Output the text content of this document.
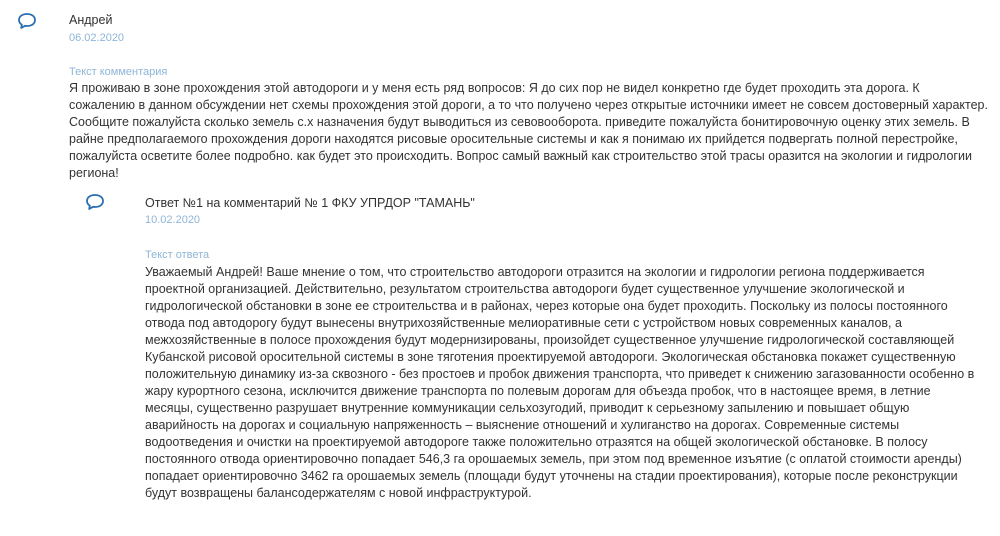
Андрей
06.02.2020
Текст комментария

Я проживаю в зоне прохождения этой автодороги и у меня есть ряд вопросов: Я до сих пор не видел конкретно где будет проходить эта дорога. К сожалению в данном обсуждении нет схемы прохождения этой дороги, а то что получено через открытые источники имеет не совсем достоверный характер. Сообщите пожалуйста сколько земель с.х назначения будут выводиться из севовооборота. приведите пожалуйста бонитировочную оценку этих земель. В райне предполагаемого прохождения дороги находятся рисовые оросительные системы и как я понимаю их прийдется подвергать полной перестройке, пожалуйста осветите более подробно. как будет это происходить. Вопрос самый важный как строительство этой трасы оразится на экологии и гидрологии региона!

Ответ №1 на комментарий № 1 ФКУ УПРДОР "ТАМАНЬ"
10.02.2020
Текст ответа

Уважаемый Андрей! Ваше мнение о том, что строительство автодороги отразится на экологии и гидрологии региона поддерживается проектной организацией. Действительно, результатом строительства автодороги будет существенное улучшение экологической и гидрологической обстановки в зоне ее строительства и в районах, через которые она будет проходить. Поскольку из полосы постоянного отвода под автодорогу будут вынесены внутрихозяйственные мелиоративные сети с устройством новых современных каналов, а межхозяйственные в полосе прохождения будут модернизированы, произойдет существенное улучшение гидрологической составляющей Кубанской рисовой оросительной системы в зоне тяготения проектируемой автодороги. Экологическая обстановка покажет существенную положительную динамику из-за сквозного - без простоев и пробок движения транспорта, что приведет к снижению загазованности особенно в жару курортного сезона, исключится движение транспорта по полевым дорогам для объезда пробок, что в настоящее время, в летние месяцы, существенно разрушает внутренние коммуникации сельхозугодий, приводит к серьезному запылению и повышает общую аварийность на дорогах и социальную напряженность – выяснение отношений и хулиганство на дорогах. Современные системы водоотведения и очистки на проектируемой автодороге также положительно отразятся на общей экологической обстановке. В полосу постоянного отвода ориентировочно попадает 546,3 га орошаемых земель, при этом под временное изъятие (с оплатой стоимости аренды) попадает ориентировочно 3462 га орошаемых земель (площади будут уточнены на стадии проектирования), которые после реконструкции будут возвращены балансодержателям с новой инфраструктурой.
